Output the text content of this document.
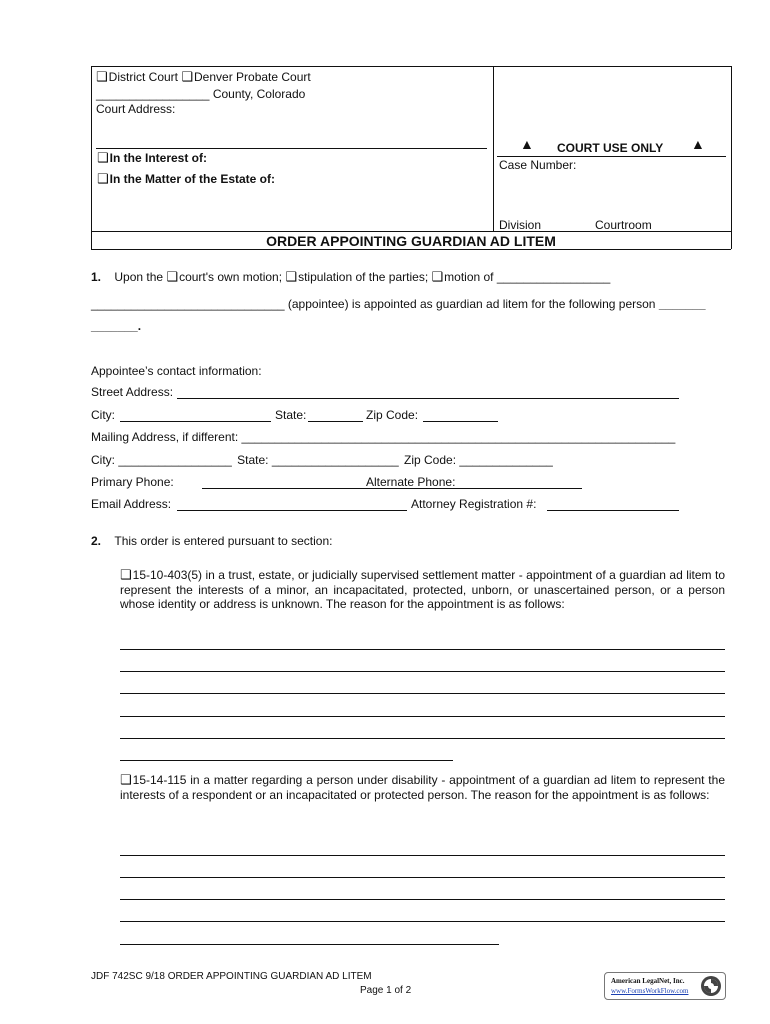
❑District Court ❑Denver Probate Court
_________________ County, Colorado
Court Address:
❑In the Interest of:
❑In the Matter of the Estate of:
▲ COURT USE ONLY ▲
Case Number:
Division	Courtroom
ORDER APPOINTING GUARDIAN AD LITEM
1. Upon the ❑court's own motion; ❑stipulation of the parties; ❑motion of _________________
_____________________________ (appointee) is appointed as guardian ad litem for the following person _______
_______.
Appointee’s contact information:
Street Address:
City:	State:	Zip Code:
Mailing Address, if different: _________________________________________________________________
City: _________________ State: ___________________ Zip Code: ______________
Primary Phone:	Alternate Phone:
Email Address:	Attorney Registration #:
2. This order is entered pursuant to section:
❑15-10-403(5) in a trust, estate, or judicially supervised settlement matter - appointment of a guardian ad litem to represent the interests of a minor, an incapacitated, protected, unborn, or unascertained person, or a person whose identity or address is unknown. The reason for the appointment is as follows:
❑15-14-115 in a matter regarding a person under disability - appointment of a guardian ad litem to represent the interests of a respondent or an incapacitated or protected person. The reason for the appointment is as follows:
JDF 742SC 9/18 ORDER APPOINTING GUARDIAN AD LITEM
Page 1 of 2
American LegalNet, Inc.
www.FormsWorkFlow.com
